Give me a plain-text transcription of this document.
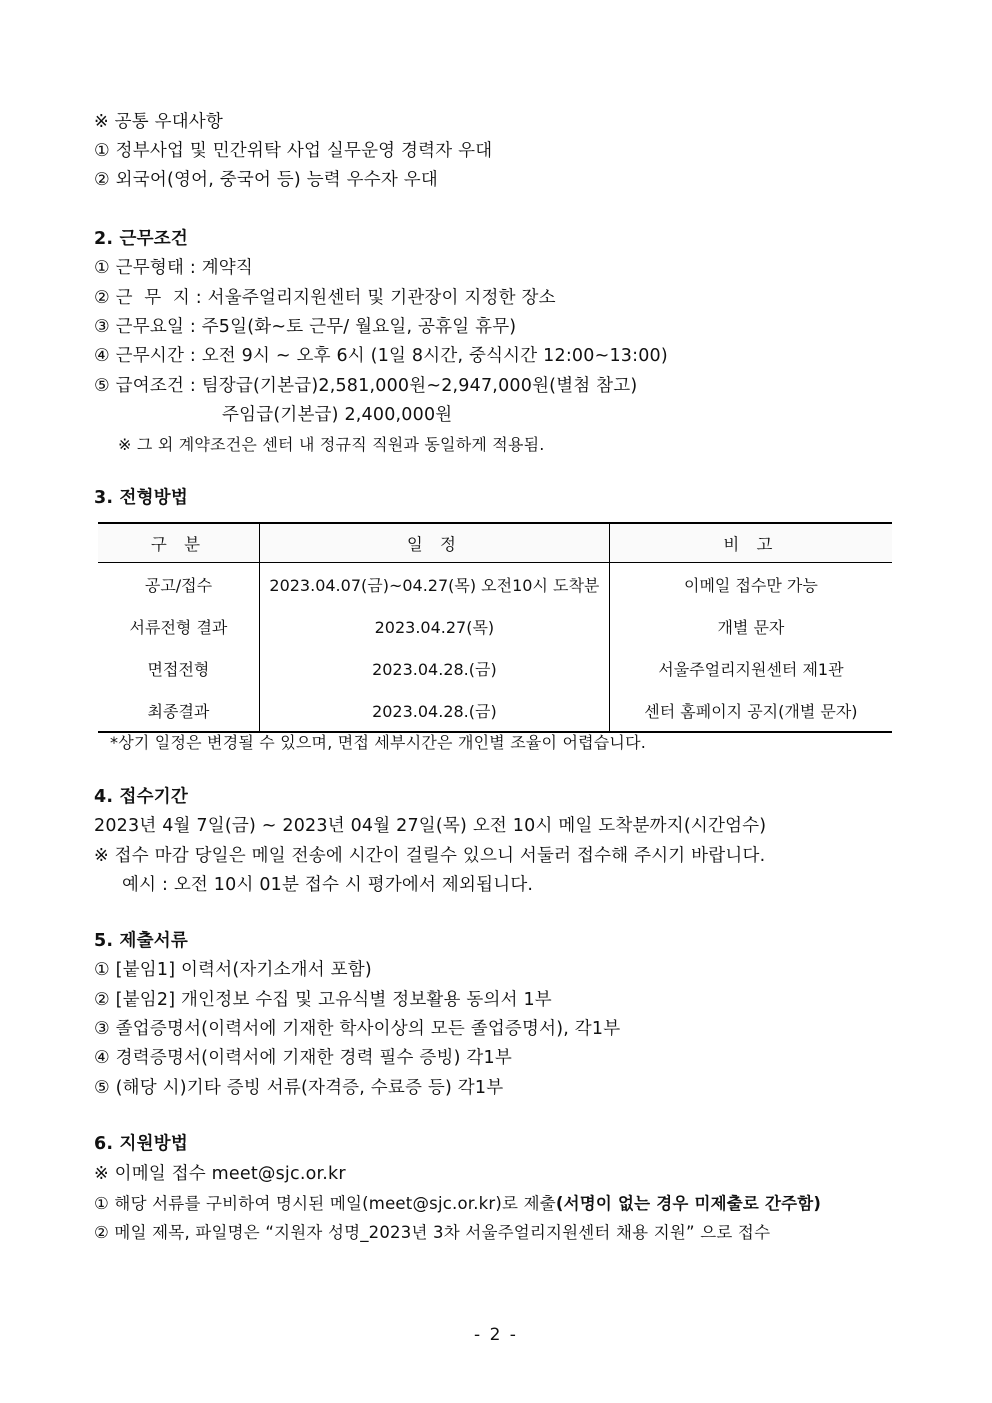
※ 공통 우대사항
① 정부사업 및 민간위탁 사업 실무운영 경력자 우대
② 외국어(영어, 중국어 등) 능력 우수자 우대
2. 근무조건
① 근무형태 : 계약직
② 근  무  지 : 서울주얼리지원센터 및 기관장이 지정한 장소
③ 근무요일 : 주5일(화~토 근무/ 월요일, 공휴일 휴무)
④ 근무시간 : 오전 9시 ~ 오후 6시 (1일 8시간, 중식시간 12:00~13:00)
⑤ 급여조건 : 팀장급(기본급)2,581,000원~2,947,000원(별첨 참고)
주임급(기본급) 2,400,000원
※ 그 외 계약조건은 센터 내 정규직 직원과 동일하게 적용됨.
3. 전형방법
구 분	일 정	비 고
공고/접수	2023.04.07(금)~04.27(목) 오전10시 도착분	이메일 접수만 가능
서류전형 결과	2023.04.27(목)	개별 문자
면접전형	2023.04.28.(금)	서울주얼리지원센터 제1관
최종결과	2023.04.28.(금)	센터 홈페이지 공지(개별 문자)
*상기 일정은 변경될 수 있으며, 면접 세부시간은 개인별 조율이 어렵습니다.
4. 접수기간
2023년 4월 7일(금) ~ 2023년 04월 27일(목) 오전 10시 메일 도착분까지(시간엄수)
※ 접수 마감 당일은 메일 전송에 시간이 걸릴수 있으니 서둘러 접수해 주시기 바랍니다.
예시 : 오전 10시 01분 접수 시 평가에서 제외됩니다.
5. 제출서류
① [붙임1] 이력서(자기소개서 포함)
② [붙임2] 개인정보 수집 및 고유식별 정보활용 동의서 1부
③ 졸업증명서(이력서에 기재한 학사이상의 모든 졸업증명서), 각1부
④ 경력증명서(이력서에 기재한 경력 필수 증빙) 각1부
⑤ (해당 시)기타 증빙 서류(자격증, 수료증 등) 각1부
6. 지원방법
※ 이메일 접수 meet@sjc.or.kr
① 해당 서류를 구비하여 명시된 메일(meet@sjc.or.kr)로 제출(서명이 없는 경우 미제출로 간주함)
② 메일 제목, 파일명은 “지원자 성명_2023년 3차 서울주얼리지원센터 채용 지원” 으로 접수
- 2 -
